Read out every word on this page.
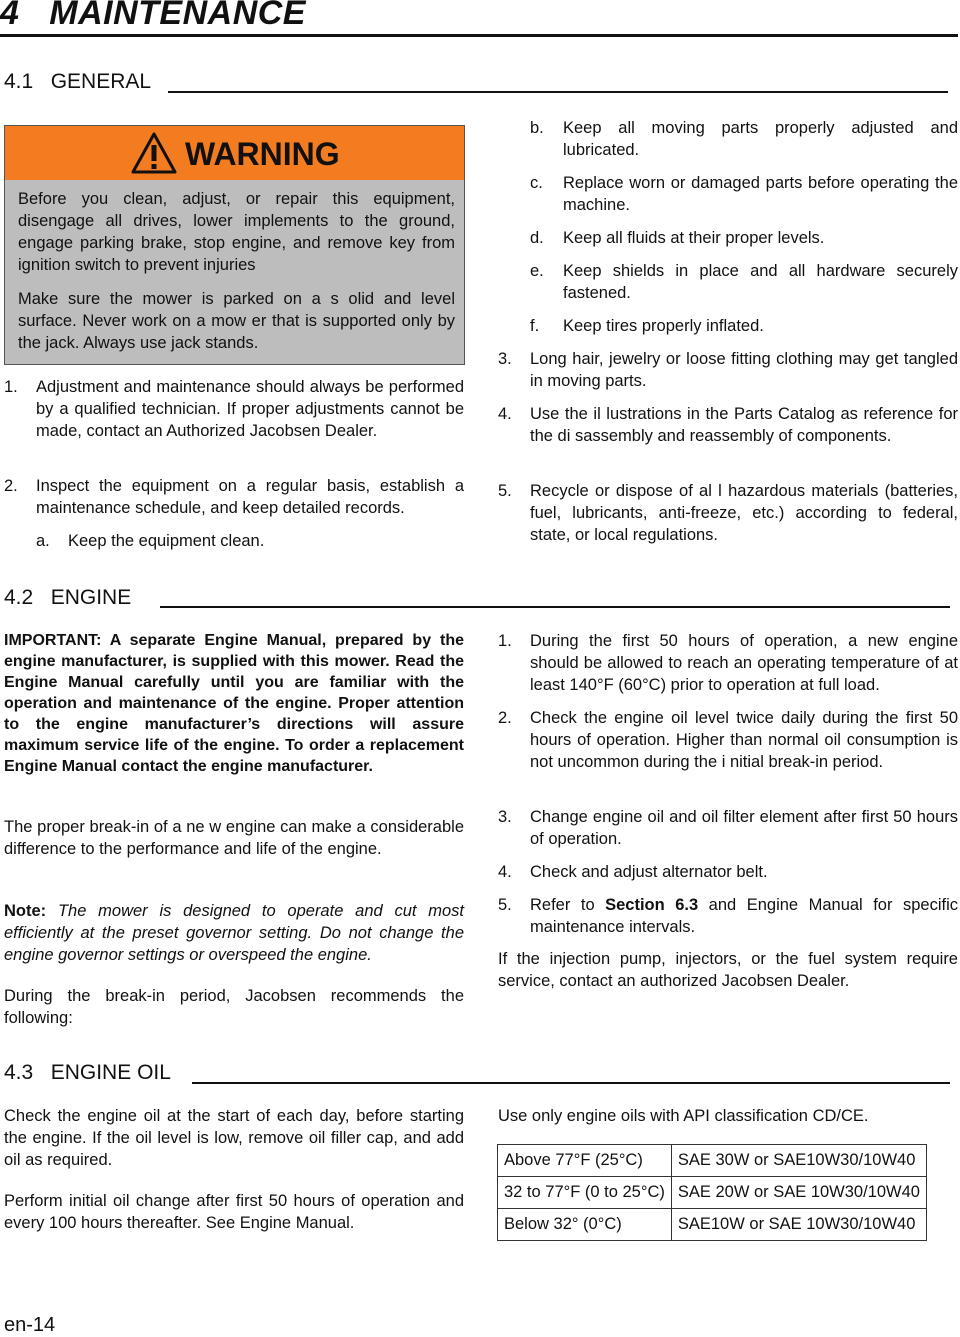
4 MAINTENANCE
4.1 GENERAL
WARNING
Before you clean, adjust, or repair this equipment, disengage all drives, lower implements to the ground, engage parking brake, stop engine, and remove key from ignition switch to prevent injuries
Make sure the mower is parked on a s olid and level surface. Never work on a mow er that is supported only by the jack. Always use jack stands.
1. Adjustment and maintenance should always be performed by a qualified technician. If proper adjustments cannot be made, contact an Authorized Jacobsen Dealer.
2. Inspect the equipment on a regular basis, establish a maintenance schedule, and keep detailed records.
a. Keep the equipment clean.
b. Keep all moving parts properly adjusted and lubricated.
c. Replace worn or damaged parts before operating the machine.
d. Keep all fluids at their proper levels.
e. Keep shields in place and all hardware securely fastened.
f. Keep tires properly inflated.
3. Long hair, jewelry or loose fitting clothing may get tangled in moving parts.
4. Use the il lustrations in the Parts Catalog as reference for the di sassembly and reassembly of components.
5. Recycle or dispose of al l hazardous materials (batteries, fuel, lubricants, anti-freeze, etc.) according to federal, state, or local regulations.
4.2 ENGINE
IMPORTANT: A separate Engine Manual, prepared by the engine manufacturer, is supplied with this mower. Read the Engine Manual carefully until you are familiar with the operation and maintenance of the engine. Proper attention to the engine manufacturer’s directions will assure maximum service life of the engine. To order a replacement Engine Manual contact the engine manufacturer.
The proper break-in of a ne w engine can make a considerable difference to the performance and life of the engine.
Note: The mower is designed to operate and cut most efficiently at the preset governor setting. Do not change the engine governor settings or overspeed the engine.
During the break-in period, Jacobsen recommends the following:
1. During the first 50 hours of operation, a new engine should be allowed to reach an operating temperature of at least 140°F (60°C) prior to operation at full load.
2. Check the engine oil level twice daily during the first 50 hours of operation. Higher than normal oil consumption is not uncommon during the i nitial break-in period.
3. Change engine oil and oil filter element after first 50 hours of operation.
4. Check and adjust alternator belt.
5. Refer to Section 6.3 and Engine Manual for specific maintenance intervals.
If the injection pump, injectors, or the fuel system require service, contact an authorized Jacobsen Dealer.
4.3 ENGINE OIL
Check the engine oil at the start of each day, before starting the engine. If the oil level is low, remove oil filler cap, and add oil as required.
Perform initial oil change after first 50 hours of operation and every 100 hours thereafter. See Engine Manual.
Use only engine oils with API classification CD/CE.
Above 77°F (25°C)	SAE 30W or SAE10W30/10W40
32 to 77°F (0 to 25°C)	SAE 20W or SAE 10W30/10W40
Below 32° (0°C)	SAE10W or SAE 10W30/10W40
en-14
